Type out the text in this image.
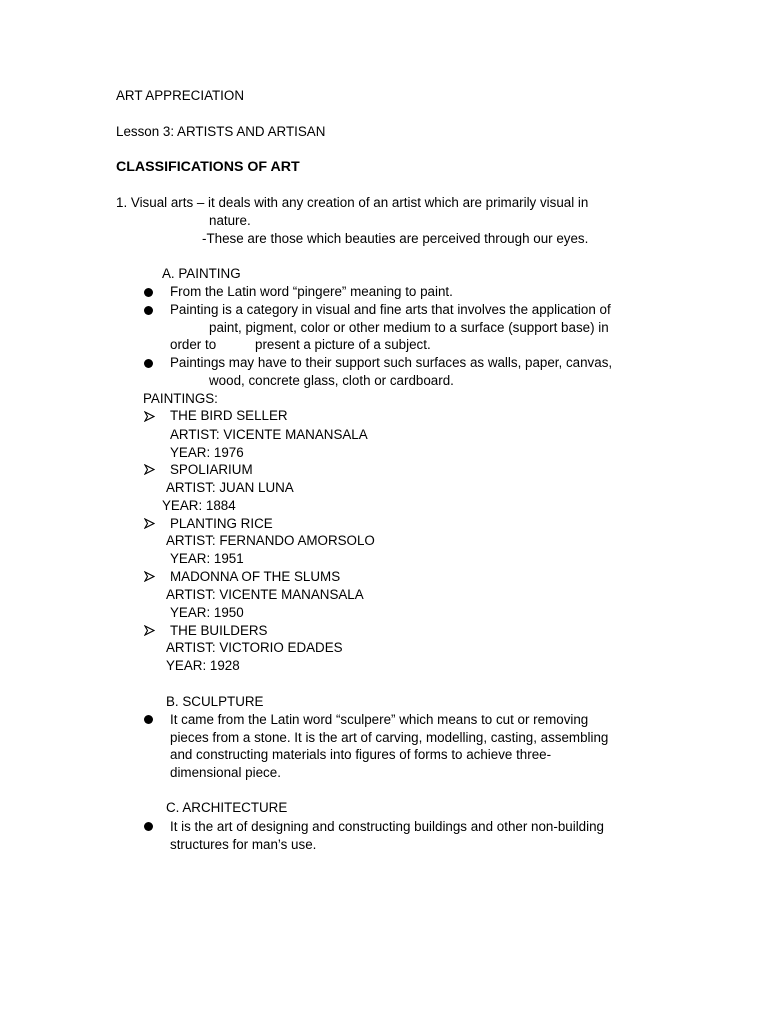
ART APPRECIATION
Lesson 3: ARTISTS AND ARTISAN
CLASSIFICATIONS OF ART
1. Visual arts – it deals with any creation of an artist which are primarily visual in
nature.
-These are those which beauties are perceived through our eyes.
A. PAINTING
From the Latin word “pingere” meaning to paint.
Painting is a category in visual and fine arts that involves the application of
paint, pigment, color or other medium to a surface (support base) in
order to	present a picture of a subject.
Paintings may have to their support such surfaces as walls, paper, canvas,
wood, concrete glass, cloth or cardboard.
PAINTINGS:
THE BIRD SELLER
ARTIST: VICENTE MANANSALA
YEAR: 1976
SPOLIARIUM
ARTIST: JUAN LUNA
YEAR: 1884
PLANTING RICE
ARTIST: FERNANDO AMORSOLO
YEAR: 1951
MADONNA OF THE SLUMS
ARTIST: VICENTE MANANSALA
YEAR: 1950
THE BUILDERS
ARTIST: VICTORIO EDADES
YEAR: 1928
B. SCULPTURE
It came from the Latin word “sculpere” which means to cut or removing
pieces from a stone. It is the art of carving, modelling, casting, assembling
and constructing materials into figures of forms to achieve three-
dimensional piece.
C. ARCHITECTURE
It is the art of designing and constructing buildings and other non-building
structures for man’s use.
